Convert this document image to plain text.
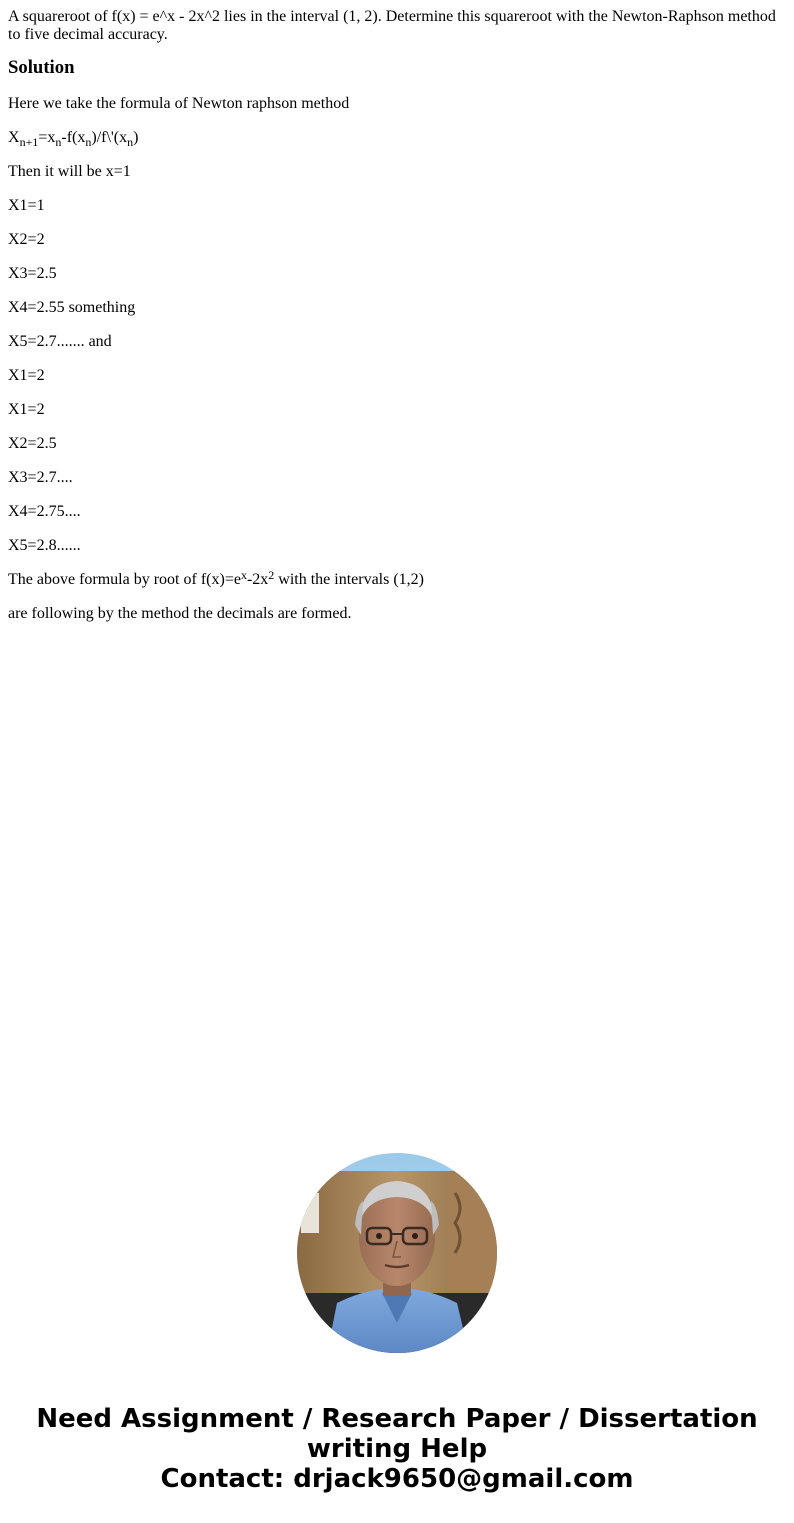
A squareroot of f(x) = e^x - 2x^2 lies in the interval (1, 2). Determine this squareroot with the Newton-Raphson method to five decimal accuracy.

Solution

Here we take the formula of Newton raphson method

$X_{n+1}=x_n-f(x_n)/f\backslash'(x_n)$

Then it will be x=1

X1=1

X2=2

X3=2.5

X4=2.55 something

X5=2.7....... and

X1=2

X1=2

X2=2.5

X3=2.7....

X4=2.75....

X5=2.8......

The above formula by root of $f(x)=e^x-2x^2$ with the intervals (1,2)

are following by the method the decimals are formed.

Need Assignment / Research Paper / Dissertation
writing Help
Contact: drjack9650@gmail.com
